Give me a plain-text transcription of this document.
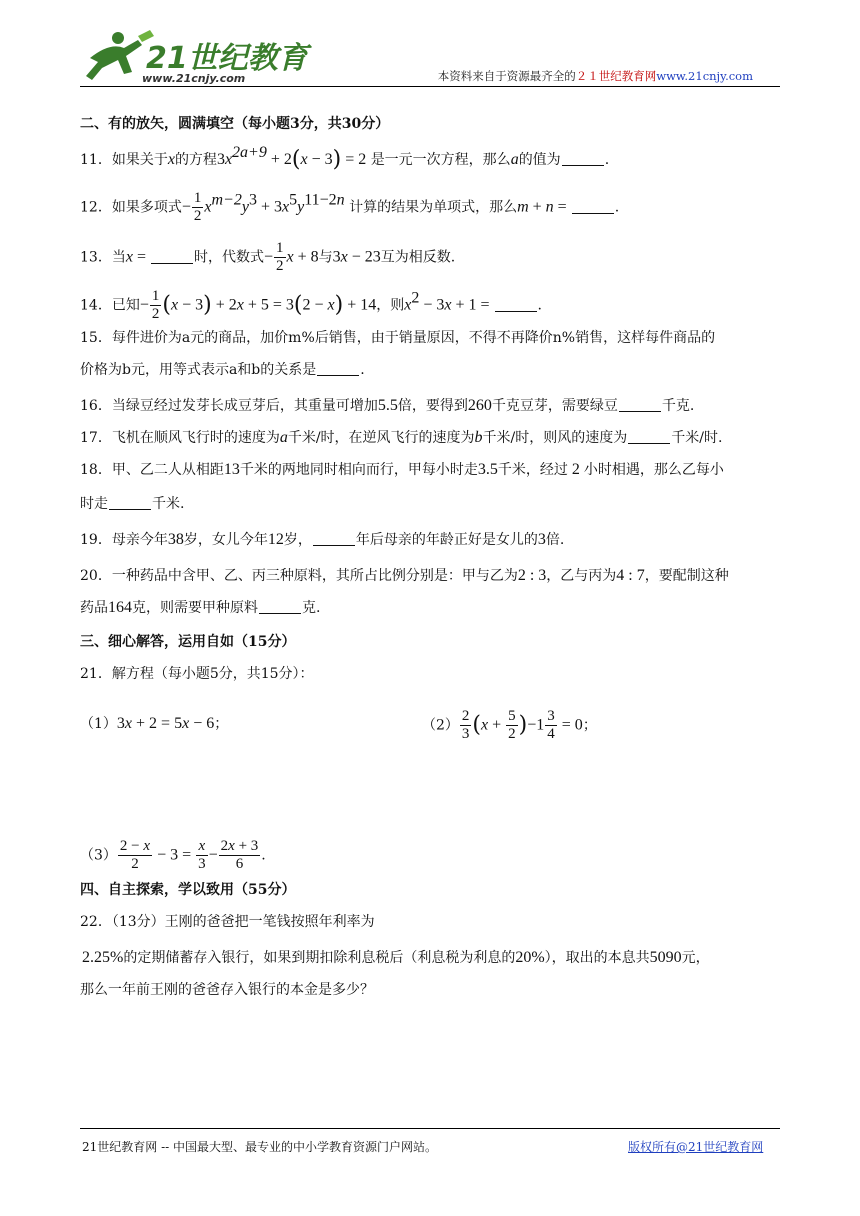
21世纪教育
www.21cnjy.com	本资料来自于资源最齐全的２１世纪教育网www.21cnjy.com
二、有的放矢，圆满填空（每小题3分，共30分）
11．如果关于x的方程$3x^{2a+9} + 2(x - 3) = 2$ 是一元一次方程，那么a的值为	.
12．如果多项式− $\frac{1}{2} x^{m-2}y^3 + 3x^5y^{11-2n}$ 计算的结果为单项式，那么m + n =	.
13．当x =	时，代数式− $\frac{1}{2}$ x + 8与3x − 23互为相反数.
14．已知− $\frac{1}{2} (x - 3) + 2x + 5 = 3(2 - x) + 14$，则$x^2 - 3x + 1$ =	.
15．每件进价为a元的商品，加价m%后销售，由于销量原因，不得不再降价n%销售，这样每件商品的
价格为b元，用等式表示a和b的关系是	.
16．当绿豆经过发芽长成豆芽后，其重量可增加5.5倍，要得到260千克豆芽，需要绿豆	千克.
17．飞机在顺风飞行时的速度为a千米/时，在逆风飞行的速度为b千米/时，则风的速度为	千米/时.
18．甲、乙二人从相距13千米的两地同时相向而行，甲每小时走3.5千米，经过 2 小时相遇，那么乙每小
时走	千米.
19．母亲今年38岁，女儿今年12岁，	年后母亲的年龄正好是女儿的3倍.
20．一种药品中含甲、乙、丙三种原料，其所占比例分别是：甲与乙为2 : 3，乙与丙为4 : 7，要配制这种
药品164克，则需要甲种原料	克.
三、细心解答，运用自如（15分）
21．解方程（每小题5分，共15分）：
（1）3x + 2 = 5x − 6；	$(2) \frac{2}{3} (x + \frac{5}{2} )-1 \frac{3}{4} = 0$；
$(3) \frac{2 - x}{2} - 3 = \frac{x}{3} - \frac{2x + 3}{6}$ .
四、自主探索，学以致用（55分）
22．（13分）王刚的爸爸把一笔钱按照年利率为
2.25%的定期储蓄存入银行，如果到期扣除利息税后（利息税为利息的20%），取出的本息共5090元，
那么一年前王刚的爸爸存入银行的本金是多少？
21世纪教育网 -- 中国最大型、最专业的中小学教育资源门户网站。	版权所有@21世纪教育网
